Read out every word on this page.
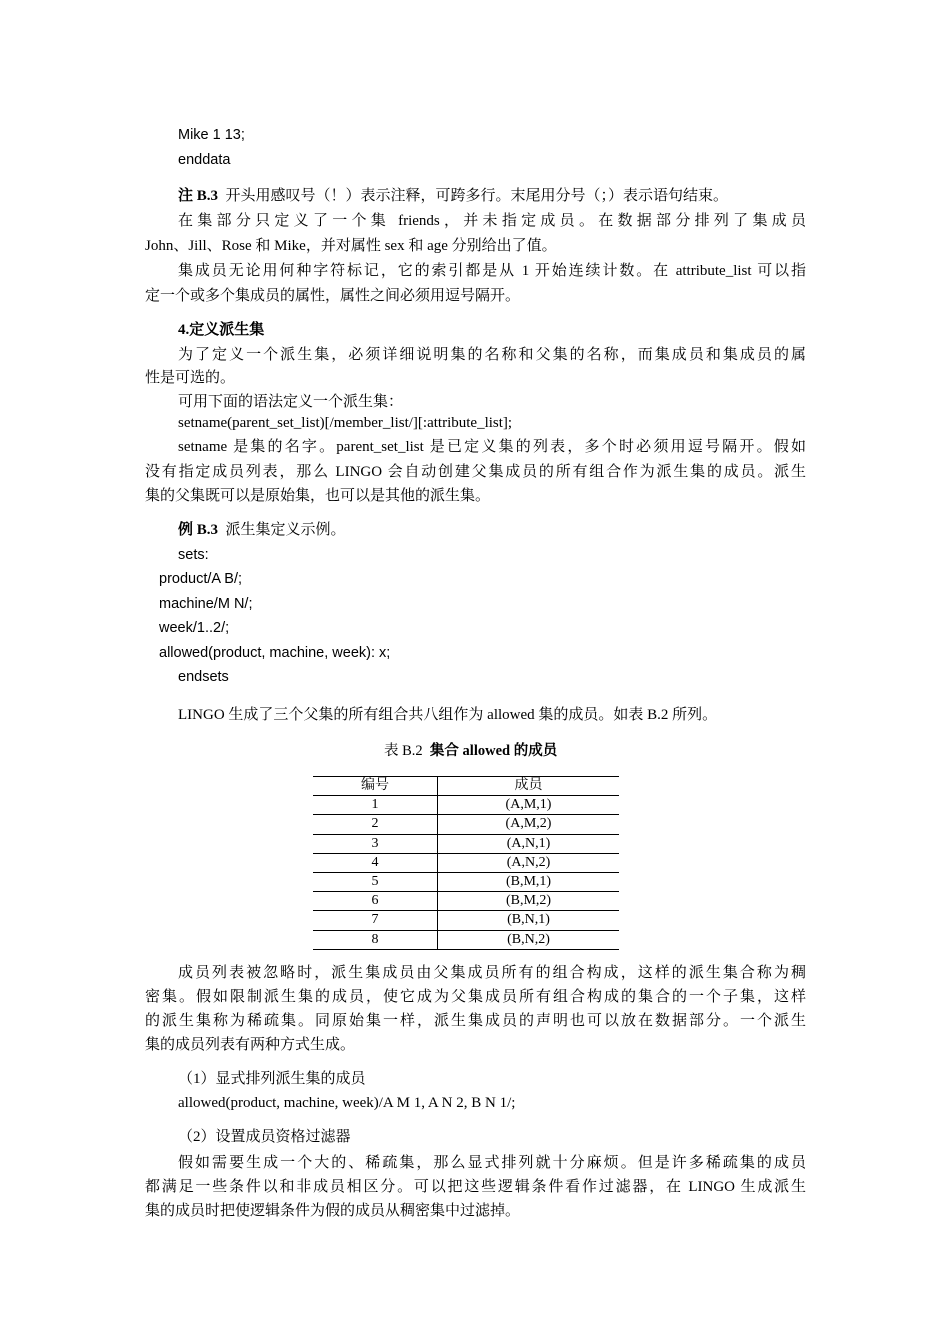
Mike 1 13;
enddata
注 B.3 开头用感叹号（！）表示注释，可跨多行。末尾用分号（；）表示语句结束。
在集部分只定义了一个集 friends，并未指定成员。在数据部分排列了集成员
John、Jill、Rose 和 Mike，并对属性 sex 和 age 分别给出了值。
集成员无论用何种字符标记，它的索引都是从 1 开始连续计数。在 attribute_list 可以指
定一个或多个集成员的属性，属性之间必须用逗号隔开。
4.定义派生集
为了定义一个派生集，必须详细说明集的名称和父集的名称，而集成员和集成员的属
性是可选的。
可用下面的语法定义一个派生集：
setname(parent_set_list)[/member_list/][:attribute_list];
setname 是集的名字。parent_set_list 是已定义集的列表，多个时必须用逗号隔开。假如
没有指定成员列表，那么 LINGO 会自动创建父集成员的所有组合作为派生集的成员。派生
集的父集既可以是原始集，也可以是其他的派生集。
例 B.3 派生集定义示例。
sets:
product/A B/;
machine/M N/;
week/1..2/;
allowed(product, machine, week): x;
endsets
LINGO 生成了三个父集的所有组合共八组作为 allowed 集的成员。如表 B.2 所列。
表 B.2 集合 allowed 的成员
编号	成员
1	(A,M,1)
2	(A,M,2)
3	(A,N,1)
4	(A,N,2)
5	(B,M,1)
6	(B,M,2)
7	(B,N,1)
8	(B,N,2)
成员列表被忽略时，派生集成员由父集成员所有的组合构成，这样的派生集合称为稠
密集。假如限制派生集的成员，使它成为父集成员所有组合构成的集合的一个子集，这样
的派生集称为稀疏集。同原始集一样，派生集成员的声明也可以放在数据部分。一个派生
集的成员列表有两种方式生成。
（1）显式排列派生集的成员
allowed(product, machine, week)/A M 1, A N 2, B N 1/;
（2）设置成员资格过滤器
假如需要生成一个大的、稀疏集，那么显式排列就十分麻烦。但是许多稀疏集的成员
都满足一些条件以和非成员相区分。可以把这些逻辑条件看作过滤器，在 LINGO 生成派生
集的成员时把使逻辑条件为假的成员从稠密集中过滤掉。
